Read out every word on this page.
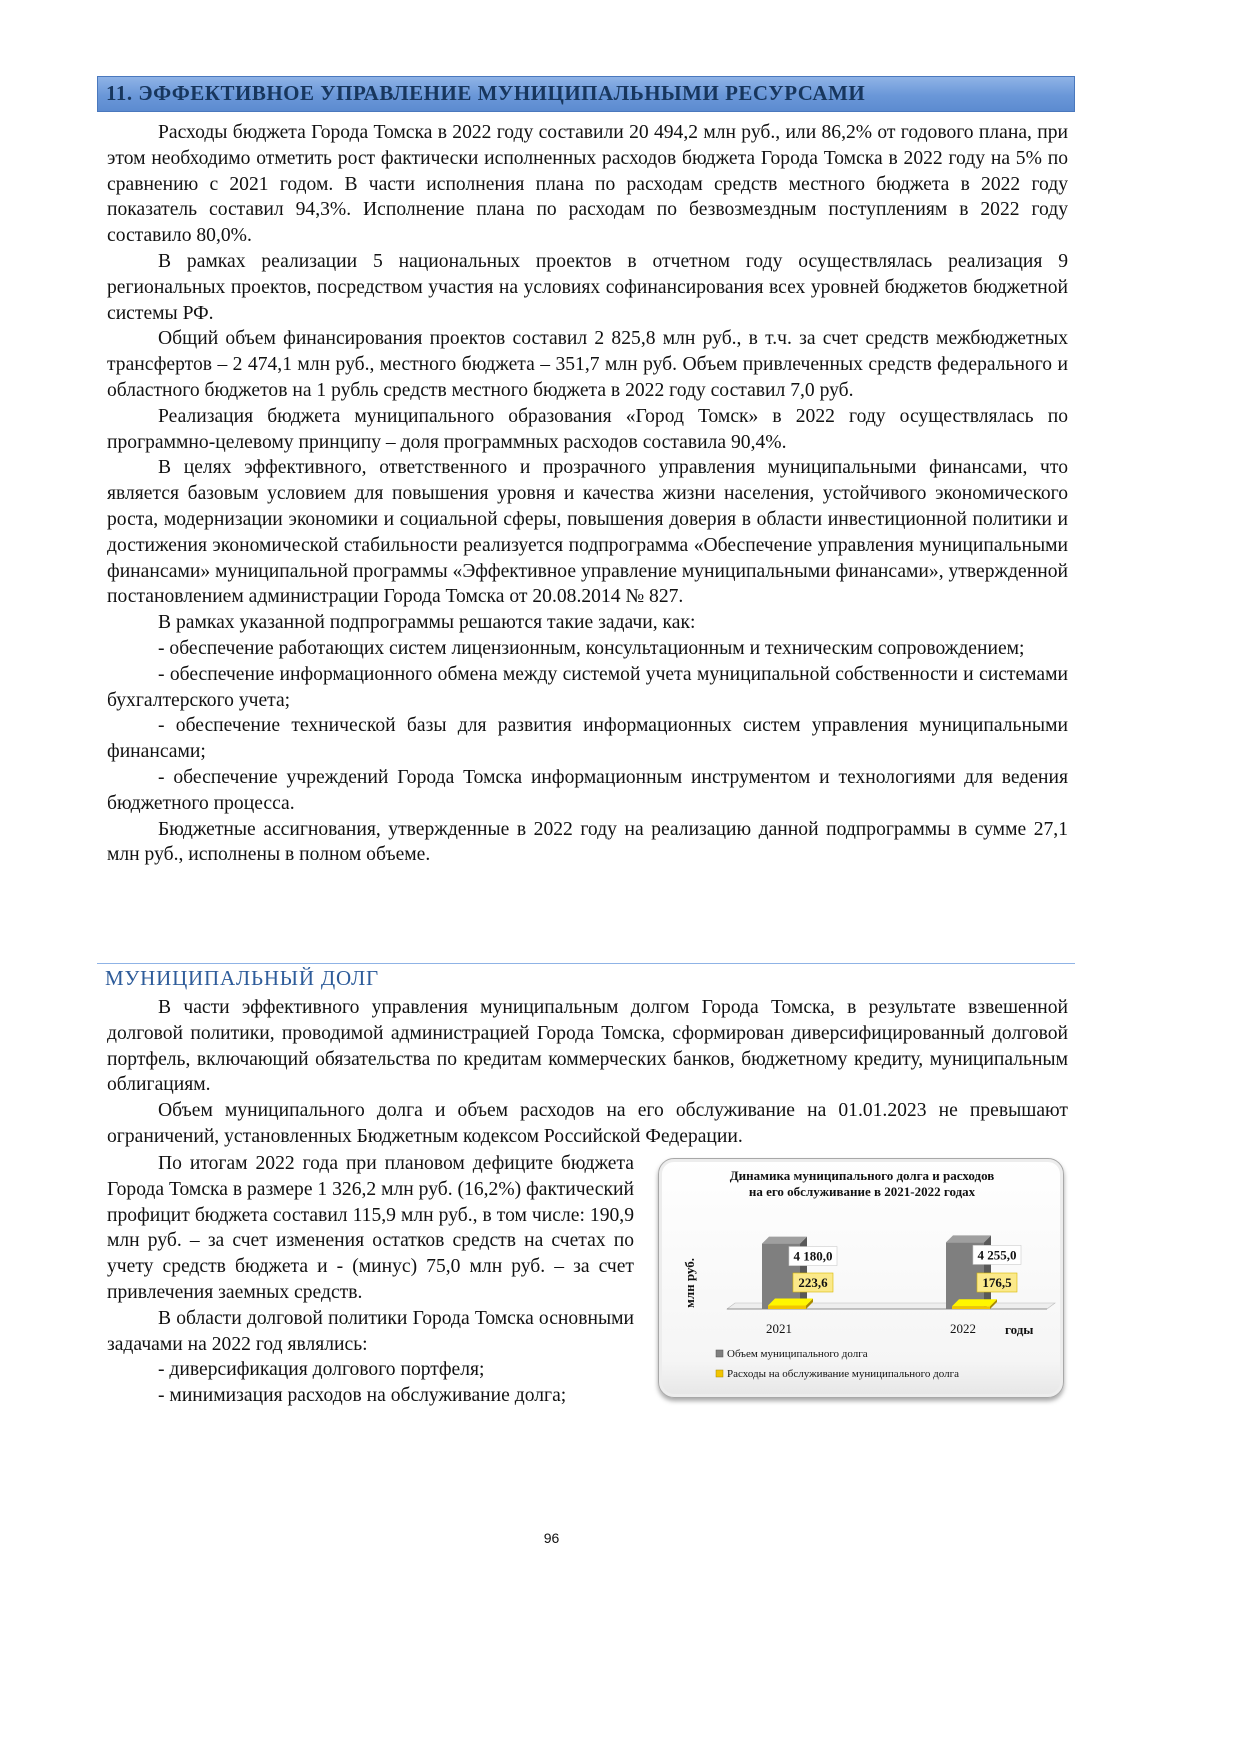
11. ЭФФЕКТИВНОЕ УПРАВЛЕНИЕ МУНИЦИПАЛЬНЫМИ РЕСУРСАМИ

Расходы бюджета Города Томска в 2022 году составили 20 494,2 млн руб., или 86,2% от годового плана, при этом необходимо отметить рост фактически исполненных расходов бюджета Города Томска в 2022 году на 5% по сравнению с 2021 годом. В части исполнения плана по расходам средств местного бюджета в 2022 году показатель составил 94,3%. Исполнение плана по расходам по безвозмездным поступлениям в 2022 году составило 80,0%.

В рамках реализации 5 национальных проектов в отчетном году осуществлялась реализация 9 региональных проектов, посредством участия на условиях софинансирования всех уровней бюджетов бюджетной системы РФ.

Общий объем финансирования проектов составил 2 825,8 млн руб., в т.ч. за счет средств межбюджетных трансфертов – 2 474,1 млн руб., местного бюджета – 351,7 млн руб. Объем привлеченных средств федерального и областного бюджетов на 1 рубль средств местного бюджета в 2022 году составил 7,0 руб.

Реализация бюджета муниципального образования «Город Томск» в 2022 году осуществлялась по программно-целевому принципу – доля программных расходов составила 90,4%.

В целях эффективного, ответственного и прозрачного управления муниципальными финансами, что является базовым условием для повышения уровня и качества жизни населения, устойчивого экономического роста, модернизации экономики и социальной сферы, повышения доверия в области инвестиционной политики и достижения экономической стабильности реализуется подпрограмма «Обеспечение управления муниципальными финансами» муниципальной программы «Эффективное управление муниципальными финансами», утвержденной постановлением администрации Города Томска от 20.08.2014 № 827.

В рамках указанной подпрограммы решаются такие задачи, как:

- обеспечение работающих систем лицензионным, консультационным и техническим сопровождением;

- обеспечение информационного обмена между системой учета муниципальной собственности и системами бухгалтерского учета;

- обеспечение технической базы для развития информационных систем управления муниципальными финансами;

- обеспечение учреждений Города Томска информационным инструментом и технологиями для ведения бюджетного процесса.

Бюджетные ассигнования, утвержденные в 2022 году на реализацию данной подпрограммы в сумме 27,1 млн руб., исполнены в полном объеме.

МУНИЦИПАЛЬНЫЙ ДОЛГ

В части эффективного управления муниципальным долгом Города Томска, в результате взвешенной долговой политики, проводимой администрацией Города Томска, сформирован диверсифицированный долговой портфель, включающий обязательства по кредитам коммерческих банков, бюджетному кредиту, муниципальным облигациям.

Объем муниципального долга и объем расходов на его обслуживание на 01.01.2023 не превышают ограничений, установленных Бюджетным кодексом Российской Федерации.

По итогам 2022 года при плановом дефиците бюджета Города Томска в размере 1 326,2 млн руб. (16,2%) фактический профицит бюджета составил 115,9 млн руб., в том числе: 190,9 млн руб. – за счет изменения остатков средств на счетах по учету средств бюджета и - (минус) 75,0 млн руб. – за счет привлечения заемных средств.

В области долговой политики Города Томска основными задачами на 2022 год являлись:

- диверсификация долгового портфеля;

- минимизация расходов на обслуживание долга;

Динамика муниципального долга и расходов
на его обслуживание в 2021-2022 годах
млн руб.
годы
4 180,0
223,6
2021
4 255,0
176,5
2022
Объем муниципального долга
Расходы на обслуживание муниципального долга
96
